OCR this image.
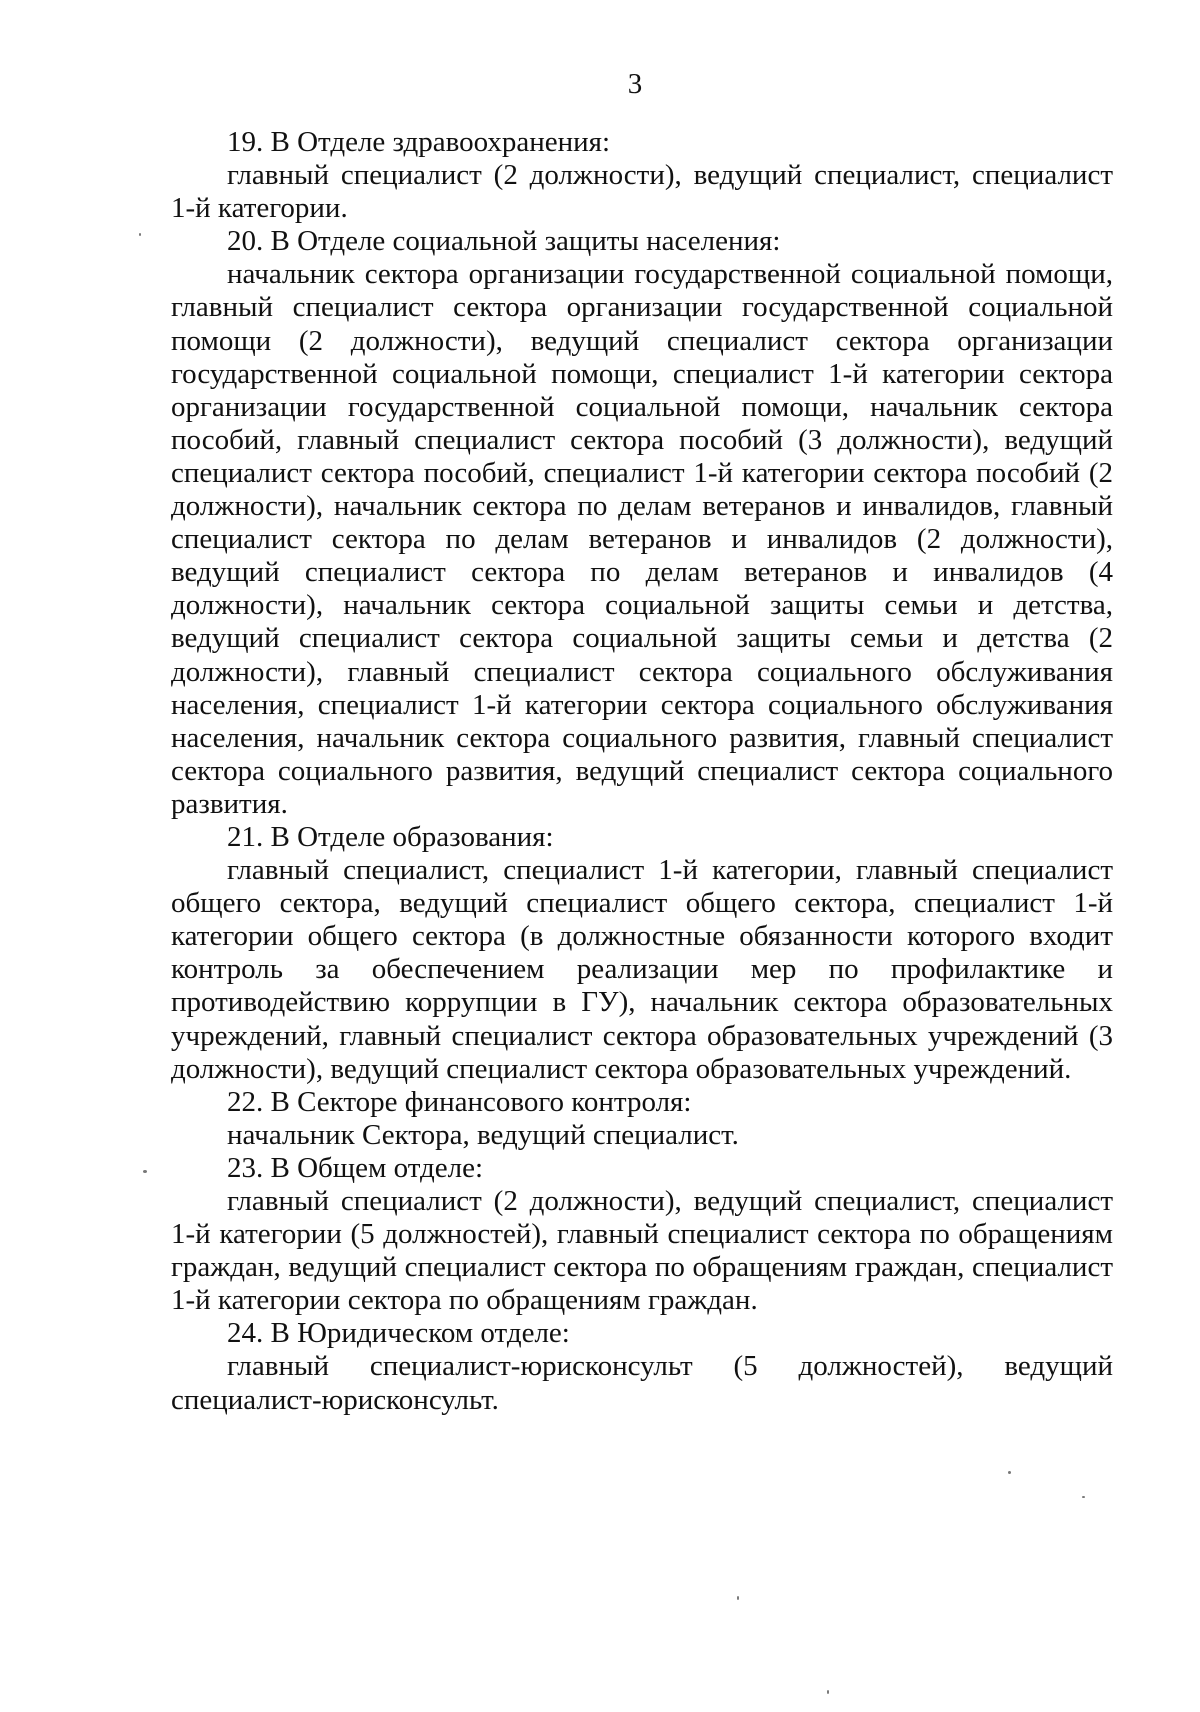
3

19. В Отделе здравоохранения:

главный специалист (2 должности), ведущий специалист, специалист 1-й категории.

20. В Отделе социальной защиты населения:

начальник сектора организации государственной социальной помощи, главный специалист сектора организации государственной социальной помощи (2 должности), ведущий специалист сектора организации государственной социальной помощи, специалист 1-й категории сектора организации государственной социальной помощи, начальник сектора пособий, главный специалист сектора пособий (3 должности), ведущий специалист сектора пособий, специалист 1-й категории сектора пособий (2 должности), начальник сектора по делам ветеранов и инвалидов, главный специалист сектора по делам ветеранов и инвалидов (2 должности), ведущий специалист сектора по делам ветеранов и инвалидов (4 должности), начальник сектора социальной защиты семьи и детства, ведущий специалист сектора социальной защиты семьи и детства (2 должности), главный специалист сектора социального обслуживания населения, специалист 1-й категории сектора социального обслуживания населения, начальник сектора социального развития, главный специалист сектора социального развития, ведущий специалист сектора социального развития.

21. В Отделе образования:

главный специалист, специалист 1-й категории, главный специалист общего сектора, ведущий специалист общего сектора, специалист 1-й категории общего сектора (в должностные обязанности которого входит контроль за обеспечением реализации мер по профилактике и противодействию коррупции в ГУ), начальник сектора образовательных учреждений, главный специалист сектора образовательных учреждений (3 должности), ведущий специалист сектора образовательных учреждений.

22. В Секторе финансового контроля:

начальник Сектора, ведущий специалист.

23. В Общем отделе:

главный специалист (2 должности), ведущий специалист, специалист 1-й категории (5 должностей), главный специалист сектора по обращениям граждан, ведущий специалист сектора по обращениям граждан, специалист 1-й категории сектора по обращениям граждан.

24. В Юридическом отделе:

главный специалист-юрисконсульт (5 должностей), ведущий специалист-юрисконсульт.
